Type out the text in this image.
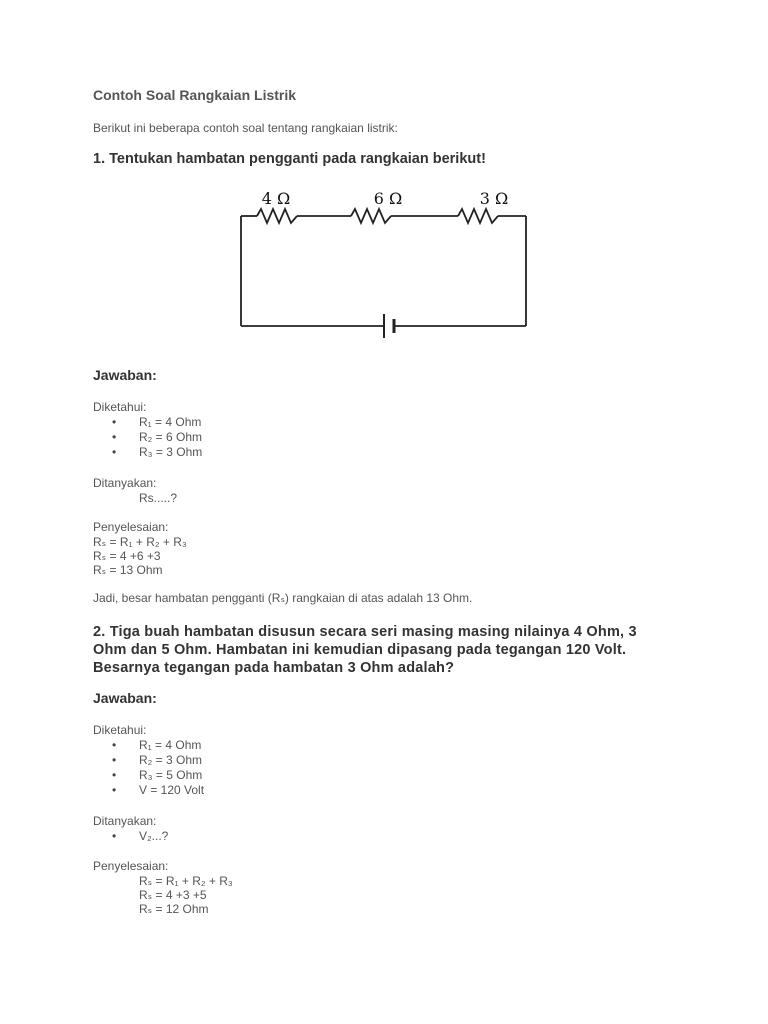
Contoh Soal Rangkaian Listrik
Berikut ini beberapa contoh soal tentang rangkaian listrik:
1. Tentukan hambatan pengganti pada rangkaian berikut!
4 Ω	6 Ω	3 Ω
Jawaban:
Diketahui:
• R₁ = 4 Ohm
• R₂ = 6 Ohm
• R₃ = 3 Ohm
Ditanyakan:
Rs.....?
Penyelesaian:
Rₛ = R₁ + R₂ + R₃
Rₛ = 4 +6 +3
Rₛ = 13 Ohm
Jadi, besar hambatan pengganti (Rₛ) rangkaian di atas adalah 13 Ohm.

2. Tiga buah hambatan disusun secara seri masing masing nilainya 4 Ohm, 3

Ohm dan 5 Ohm. Hambatan ini kemudian dipasang pada tegangan 120 Volt.

Besarnya tegangan pada hambatan 3 Ohm adalah?

Jawaban:
Diketahui:
• R₁ = 4 Ohm
• R₂ = 3 Ohm
• R₃ = 5 Ohm
• V = 120 Volt
Ditanyakan:
• V₂...?
Penyelesaian:
Rₛ = R₁ + R₂ + R₃
Rₛ = 4 +3 +5
Rₛ = 12 Ohm
